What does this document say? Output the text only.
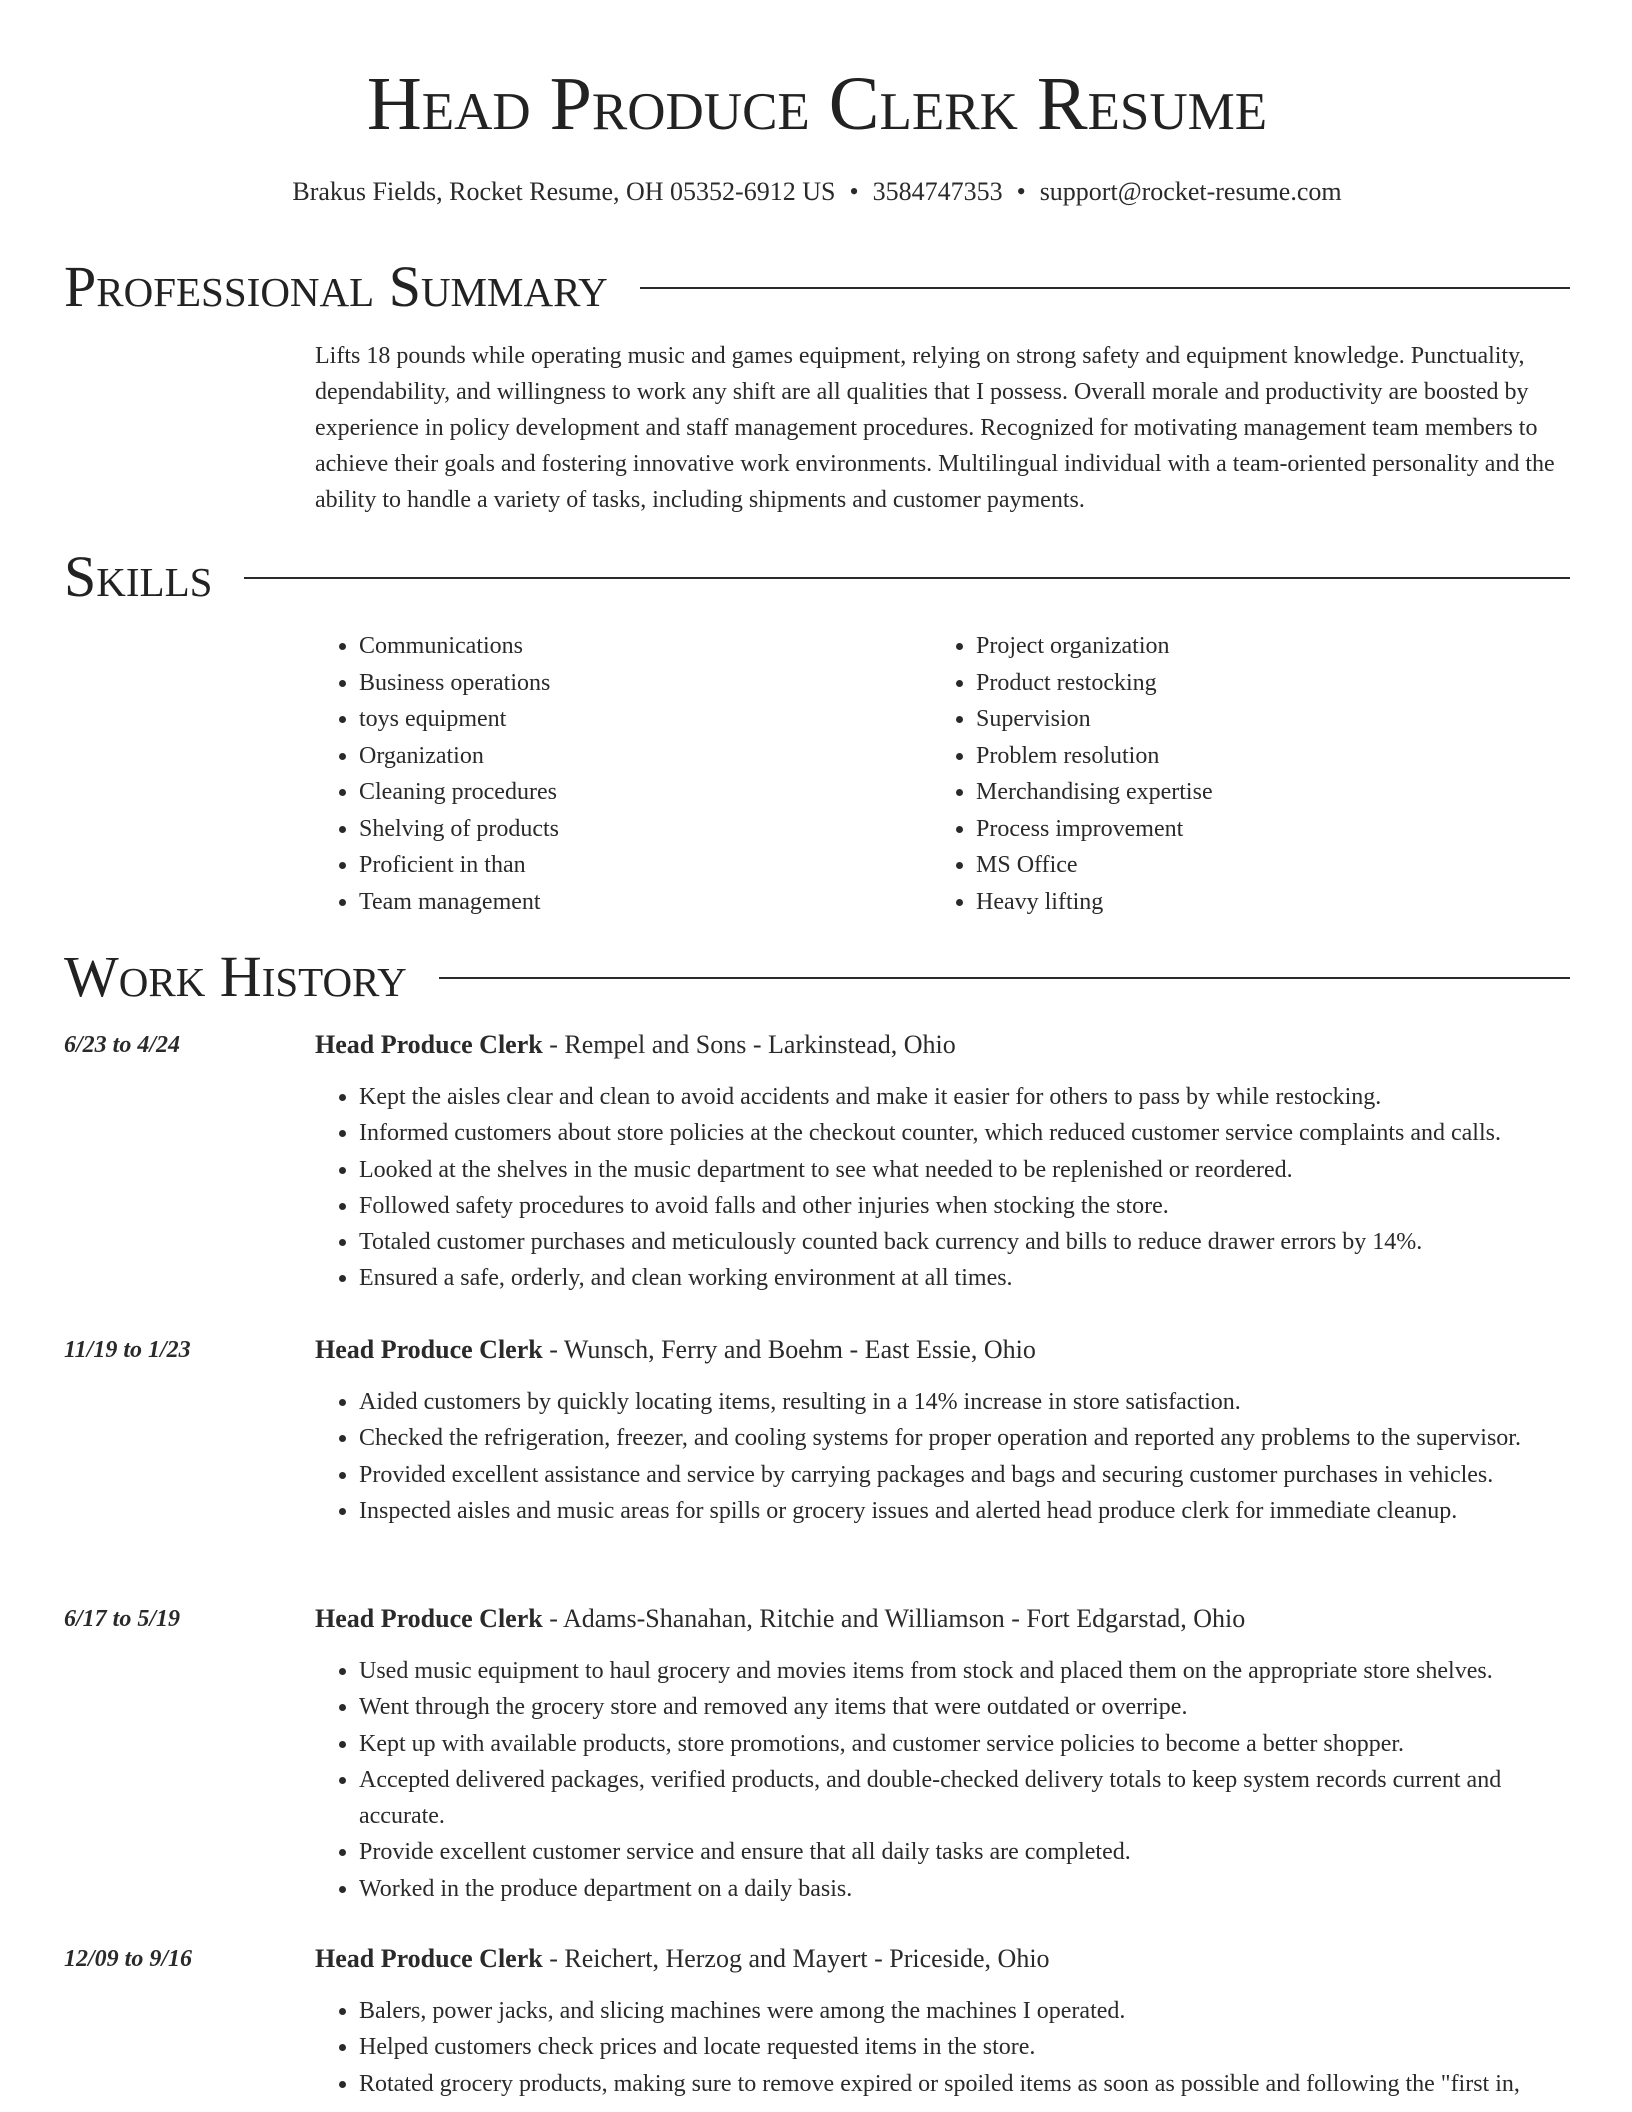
Head Produce Clerk Resume
Brakus Fields, Rocket Resume, OH 05352-6912 US • 3584747353 • support@rocket-resume.com
Professional Summary

Lifts 18 pounds while operating music and games equipment, relying on strong safety and equipment knowledge. Punctuality, dependability, and willingness to work any shift are all qualities that I possess. Overall morale and productivity are boosted by experience in policy development and staff management procedures. Recognized for motivating management team members to achieve their goals and fostering innovative work environments. Multilingual individual with a team-oriented personality and the ability to handle a variety of tasks, including shipments and customer payments.

Skills
• Communications
• Business operations
• toys equipment
• Organization
• Cleaning procedures
• Shelving of products
• Proficient in than
• Team management
• Project organization
• Product restocking
• Supervision
• Problem resolution
• Merchandising expertise
• Process improvement
• MS Office
• Heavy lifting
Work History
6/23 to 4/24	Head Produce Clerk - Rempel and Sons - Larkinstead, Ohio
• Kept the aisles clear and clean to avoid accidents and make it easier for others to pass by while restocking.
• Informed customers about store policies at the checkout counter, which reduced customer service complaints and calls.
• Looked at the shelves in the music department to see what needed to be replenished or reordered.
• Followed safety procedures to avoid falls and other injuries when stocking the store.
• Totaled customer purchases and meticulously counted back currency and bills to reduce drawer errors by 14%.
• Ensured a safe, orderly, and clean working environment at all times.
11/19 to 1/23	Head Produce Clerk - Wunsch, Ferry and Boehm - East Essie, Ohio
• Aided customers by quickly locating items, resulting in a 14% increase in store satisfaction.
• Checked the refrigeration, freezer, and cooling systems for proper operation and reported any problems to the supervisor.
• Provided excellent assistance and service by carrying packages and bags and securing customer purchases in vehicles.
• Inspected aisles and music areas for spills or grocery issues and alerted head produce clerk for immediate cleanup.
6/17 to 5/19	Head Produce Clerk - Adams-Shanahan, Ritchie and Williamson - Fort Edgarstad, Ohio
• Used music equipment to haul grocery and movies items from stock and placed them on the appropriate store shelves.
• Went through the grocery store and removed any items that were outdated or overripe.
• Kept up with available products, store promotions, and customer service policies to become a better shopper.
• Accepted delivered packages, verified products, and double-checked delivery totals to keep system records current and accurate.
• Provide excellent customer service and ensure that all daily tasks are completed.
• Worked in the produce department on a daily basis.
12/09 to 9/16	Head Produce Clerk - Reichert, Herzog and Mayert - Priceside, Ohio
• Balers, power jacks, and slicing machines were among the machines I operated.
• Helped customers check prices and locate requested items in the store.
• Rotated grocery products, making sure to remove expired or spoiled items as soon as possible and following the "first in,
